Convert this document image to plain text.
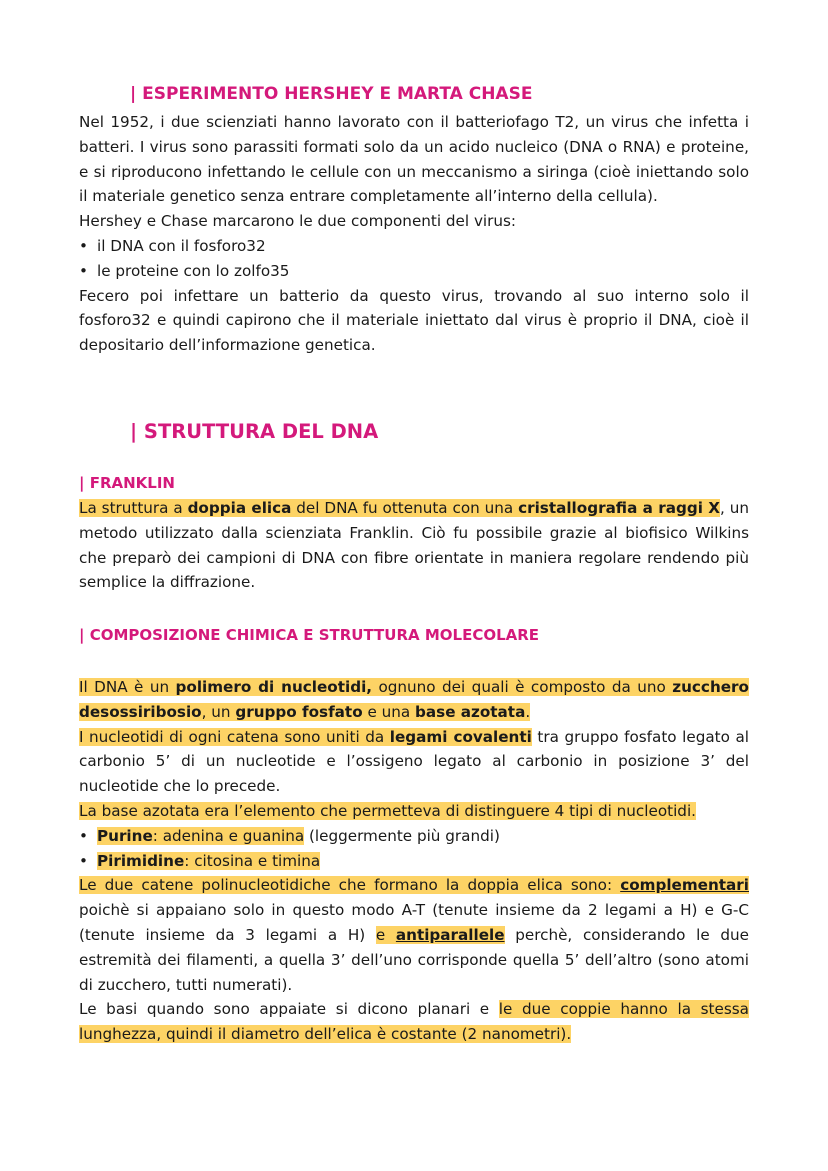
| ESPERIMENTO HERSHEY E MARTA CHASE

Nel 1952, i due scienziati hanno lavorato con il batteriofago T2, un virus che infetta i batteri. I virus sono parassiti formati solo da un acido nucleico (DNA o RNA) e proteine, e si riproducono infettando le cellule con un meccanismo a siringa (cioè iniettando solo il materiale genetico senza entrare completamente all’interno della cellula).

Hershey e Chase marcarono le due componenti del virus:

• il DNA con il fosforo32
• le proteine con lo zolfo35

Fecero poi infettare un batterio da questo virus, trovando al suo interno solo il fosforo32 e quindi capirono che il materiale iniettato dal virus è proprio il DNA, cioè il depositario dell’informazione genetica.

| STRUTTURA DEL DNA
| FRANKLIN

La struttura a doppia elica del DNA fu ottenuta con una cristallografia a raggi X, un metodo utilizzato dalla scienziata Franklin. Ciò fu possibile grazie al biofisico Wilkins che preparò dei campioni di DNA con fibre orientate in maniera regolare rendendo più semplice la diffrazione.

| COMPOSIZIONE CHIMICA E STRUTTURA MOLECOLARE

Il DNA è un polimero di nucleotidi, ognuno dei quali è composto da uno zucchero desossiribosio, un gruppo fosfato e una base azotata.

I nucleotidi di ogni catena sono uniti da legami covalenti tra gruppo fosfato legato al carbonio 5’ di un nucleotide e l’ossigeno legato al carbonio in posizione 3’ del nucleotide che lo precede.

La base azotata era l’elemento che permetteva di distinguere 4 tipi di nucleotidi.

• Purine: adenina e guanina (leggermente più grandi)
• Pirimidine: citosina e timina

Le due catene polinucleotidiche che formano la doppia elica sono: complementari poichè si appaiano solo in questo modo A-T (tenute insieme da 2 legami a H) e G-C (tenute insieme da 3 legami a H) e antiparallele perchè, considerando le due estremità dei filamenti, a quella 3’ dell’uno corrisponde quella 5’ dell’altro (sono atomi di zucchero, tutti numerati).

Le basi quando sono appaiate si dicono planari e le due coppie hanno la stessa lunghezza, quindi il diametro dell’elica è costante (2 nanometri).
